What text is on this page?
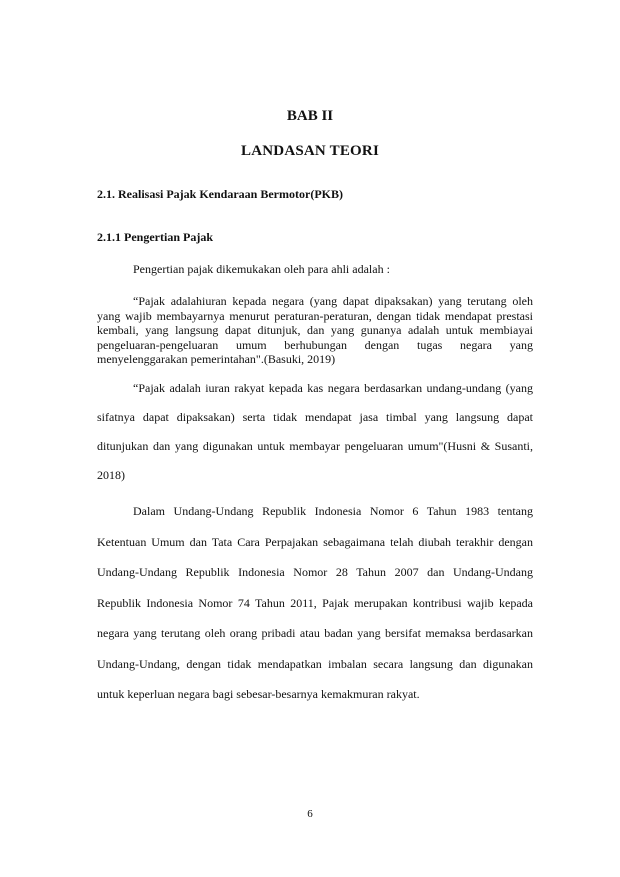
BAB II
LANDASAN TEORI
2.1. Realisasi Pajak Kendaraan Bermotor(PKB)
2.1.1 Pengertian Pajak

Pengertian pajak dikemukakan oleh para ahli adalah :

“Pajak adalahiuran kepada negara (yang dapat dipaksakan) yang terutang oleh yang wajib membayarnya menurut peraturan-peraturan, dengan tidak mendapat prestasi kembali, yang langsung dapat ditunjuk, dan yang gunanya adalah untuk membiayai pengeluaran-pengeluaran umum berhubungan dengan tugas negara yang menyelenggarakan pemerintahan".(Basuki, 2019)

“Pajak adalah iuran rakyat kepada kas negara berdasarkan undang-undang (yang sifatnya dapat dipaksakan) serta tidak mendapat jasa timbal yang langsung dapat ditunjukan dan yang digunakan untuk membayar pengeluaran umum"(Husni & Susanti, 2018)

Dalam Undang-Undang Republik Indonesia Nomor 6 Tahun 1983 tentang Ketentuan Umum dan Tata Cara Perpajakan sebagaimana telah diubah terakhir dengan Undang-Undang Republik Indonesia Nomor 28 Tahun 2007 dan Undang-Undang Republik Indonesia Nomor 74 Tahun 2011, Pajak merupakan kontribusi wajib kepada negara yang terutang oleh orang pribadi atau badan yang bersifat memaksa berdasarkan Undang-Undang, dengan tidak mendapatkan imbalan secara langsung dan digunakan untuk keperluan negara bagi sebesar-besarnya kemakmuran rakyat.

6
